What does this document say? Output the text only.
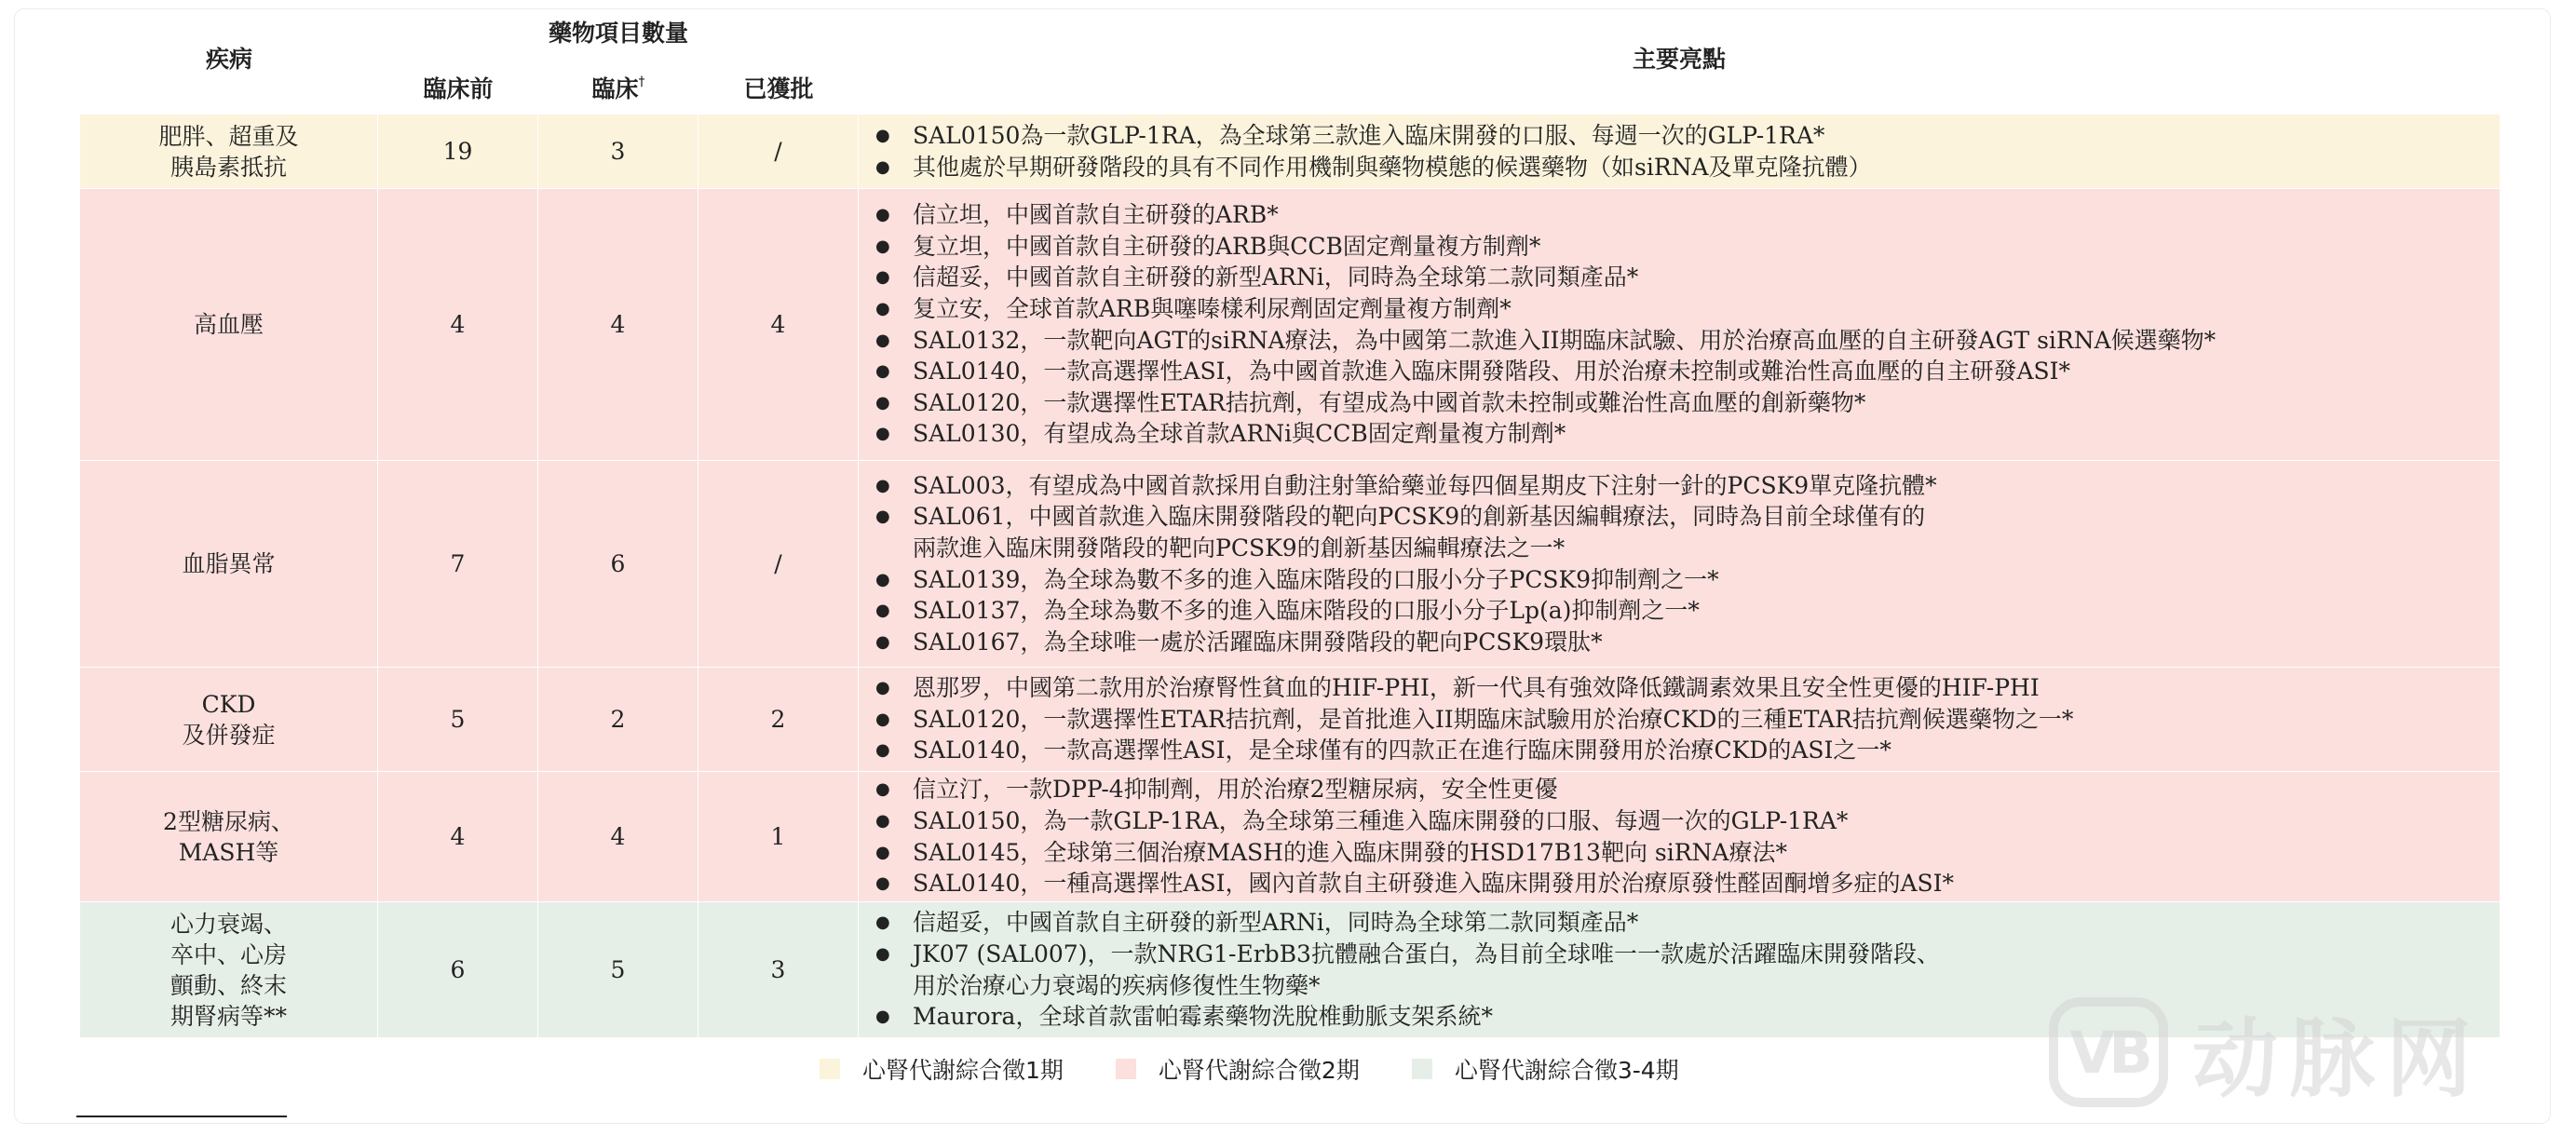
疾病
藥物項目數量
臨床前	臨床†	已獲批
主要亮點
肥胖、超重及
胰島素抵抗
19	3	/
● SAL0150為一款GLP-1RA，為全球第三款進入臨床開發的口服、每週一次的GLP-1RA*
● 其他處於早期研發階段的具有不同作用機制與藥物模態的候選藥物（如siRNA及單克隆抗體）
高血壓	4	4	4
● 信立坦，中國首款自主研發的ARB*
● 复立坦，中國首款自主研發的ARB與CCB固定劑量複方制劑*
● 信超妥，中國首款自主研發的新型ARNi，同時為全球第二款同類產品*
● 复立安，全球首款ARB與噻嗪樣利尿劑固定劑量複方制劑*
● SAL0132，一款靶向AGT的siRNA療法，為中國第二款進入II期臨床試驗、用於治療高血壓的自主研發AGT siRNA候選藥物*
● SAL0140，一款高選擇性ASI，為中國首款進入臨床開發階段、用於治療未控制或難治性高血壓的自主研發ASI*
● SAL0120，一款選擇性ETAR拮抗劑，有望成為中國首款未控制或難治性高血壓的創新藥物*
● SAL0130，有望成為全球首款ARNi與CCB固定劑量複方制劑*
血脂異常	7	6	/
● SAL003，有望成為中國首款採用自動注射筆給藥並每四個星期皮下注射一針的PCSK9單克隆抗體*
● SAL061，中國首款進入臨床開發階段的靶向PCSK9的創新基因編輯療法，同時為目前全球僅有的
兩款進入臨床開發階段的靶向PCSK9的創新基因編輯療法之一*
● SAL0139，為全球為數不多的進入臨床階段的口服小分子PCSK9抑制劑之一*
● SAL0137，為全球為數不多的進入臨床階段的口服小分子Lp(a)抑制劑之一*
● SAL0167，為全球唯一處於活躍臨床開發階段的靶向PCSK9環肽*
CKD
及併發症
5	2	2
● 恩那罗，中國第二款用於治療腎性貧血的HIF-PHI，新一代具有強效降低鐵調素效果且安全性更優的HIF-PHI
● SAL0120，一款選擇性ETAR拮抗劑，是首批進入II期臨床試驗用於治療CKD的三種ETAR拮抗劑候選藥物之一*
● SAL0140，一款高選擇性ASI，是全球僅有的四款正在進行臨床開發用於治療CKD的ASI之一*
2型糖尿病、
MASH等
4	4	1
● 信立汀，一款DPP-4抑制劑，用於治療2型糖尿病，安全性更優
● SAL0150，為一款GLP-1RA，為全球第三種進入臨床開發的口服、每週一次的GLP-1RA*
● SAL0145，全球第三個治療MASH的進入臨床開發的HSD17B13靶向 siRNA療法*
● SAL0140，一種高選擇性ASI，國內首款自主研發進入臨床開發用於治療原發性醛固酮增多症的ASI*
心力衰竭、
卒中、心房
顫動、終末
期腎病等**
6	5	3
● 信超妥，中國首款自主研發的新型ARNi，同時為全球第二款同類產品*
● JK07 (SAL007)，一款NRG1-ErbB3抗體融合蛋白，為目前全球唯一一款處於活躍臨床開發階段、
用於治療心力衰竭的疾病修復性生物藥*
● Maurora，全球首款雷帕霉素藥物洗脫椎動脈支架系統*
心腎代謝綜合徵1期	心腎代謝綜合徵2期	心腎代謝綜合徵3-4期	VB 动脉网
